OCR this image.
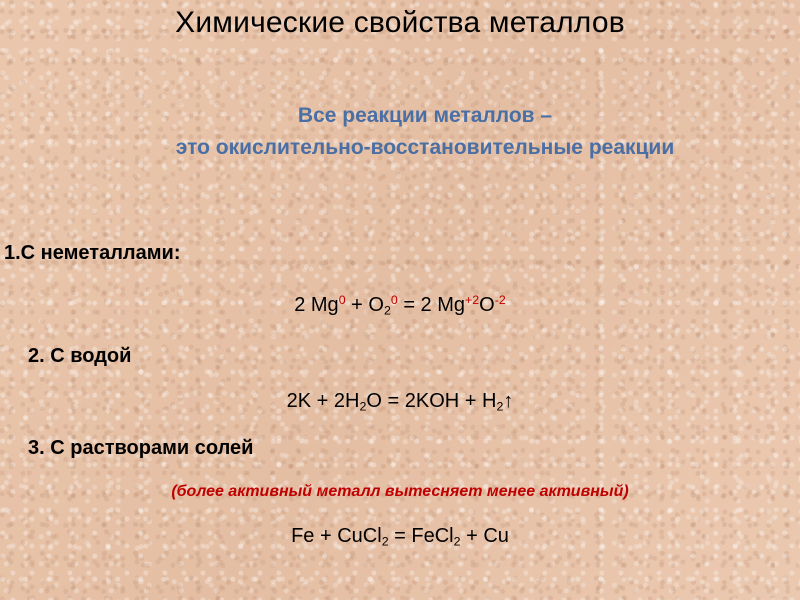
Химические свойства металлов
Все реакции металлов –
это окислительно-восстановительные реакции
1.С неметаллами:
2 $Mg^0 + O_2^0 = 2$ $Mg^{+2}O^{-2}$
2. С водой
$2K + 2H_2O = 2KOH$ + $H_2↑$
3. С растворами солей
(более активный металл вытесняет менее активный)
Fe + CuCl$_2$ = FeCl$_2$ + Cu
